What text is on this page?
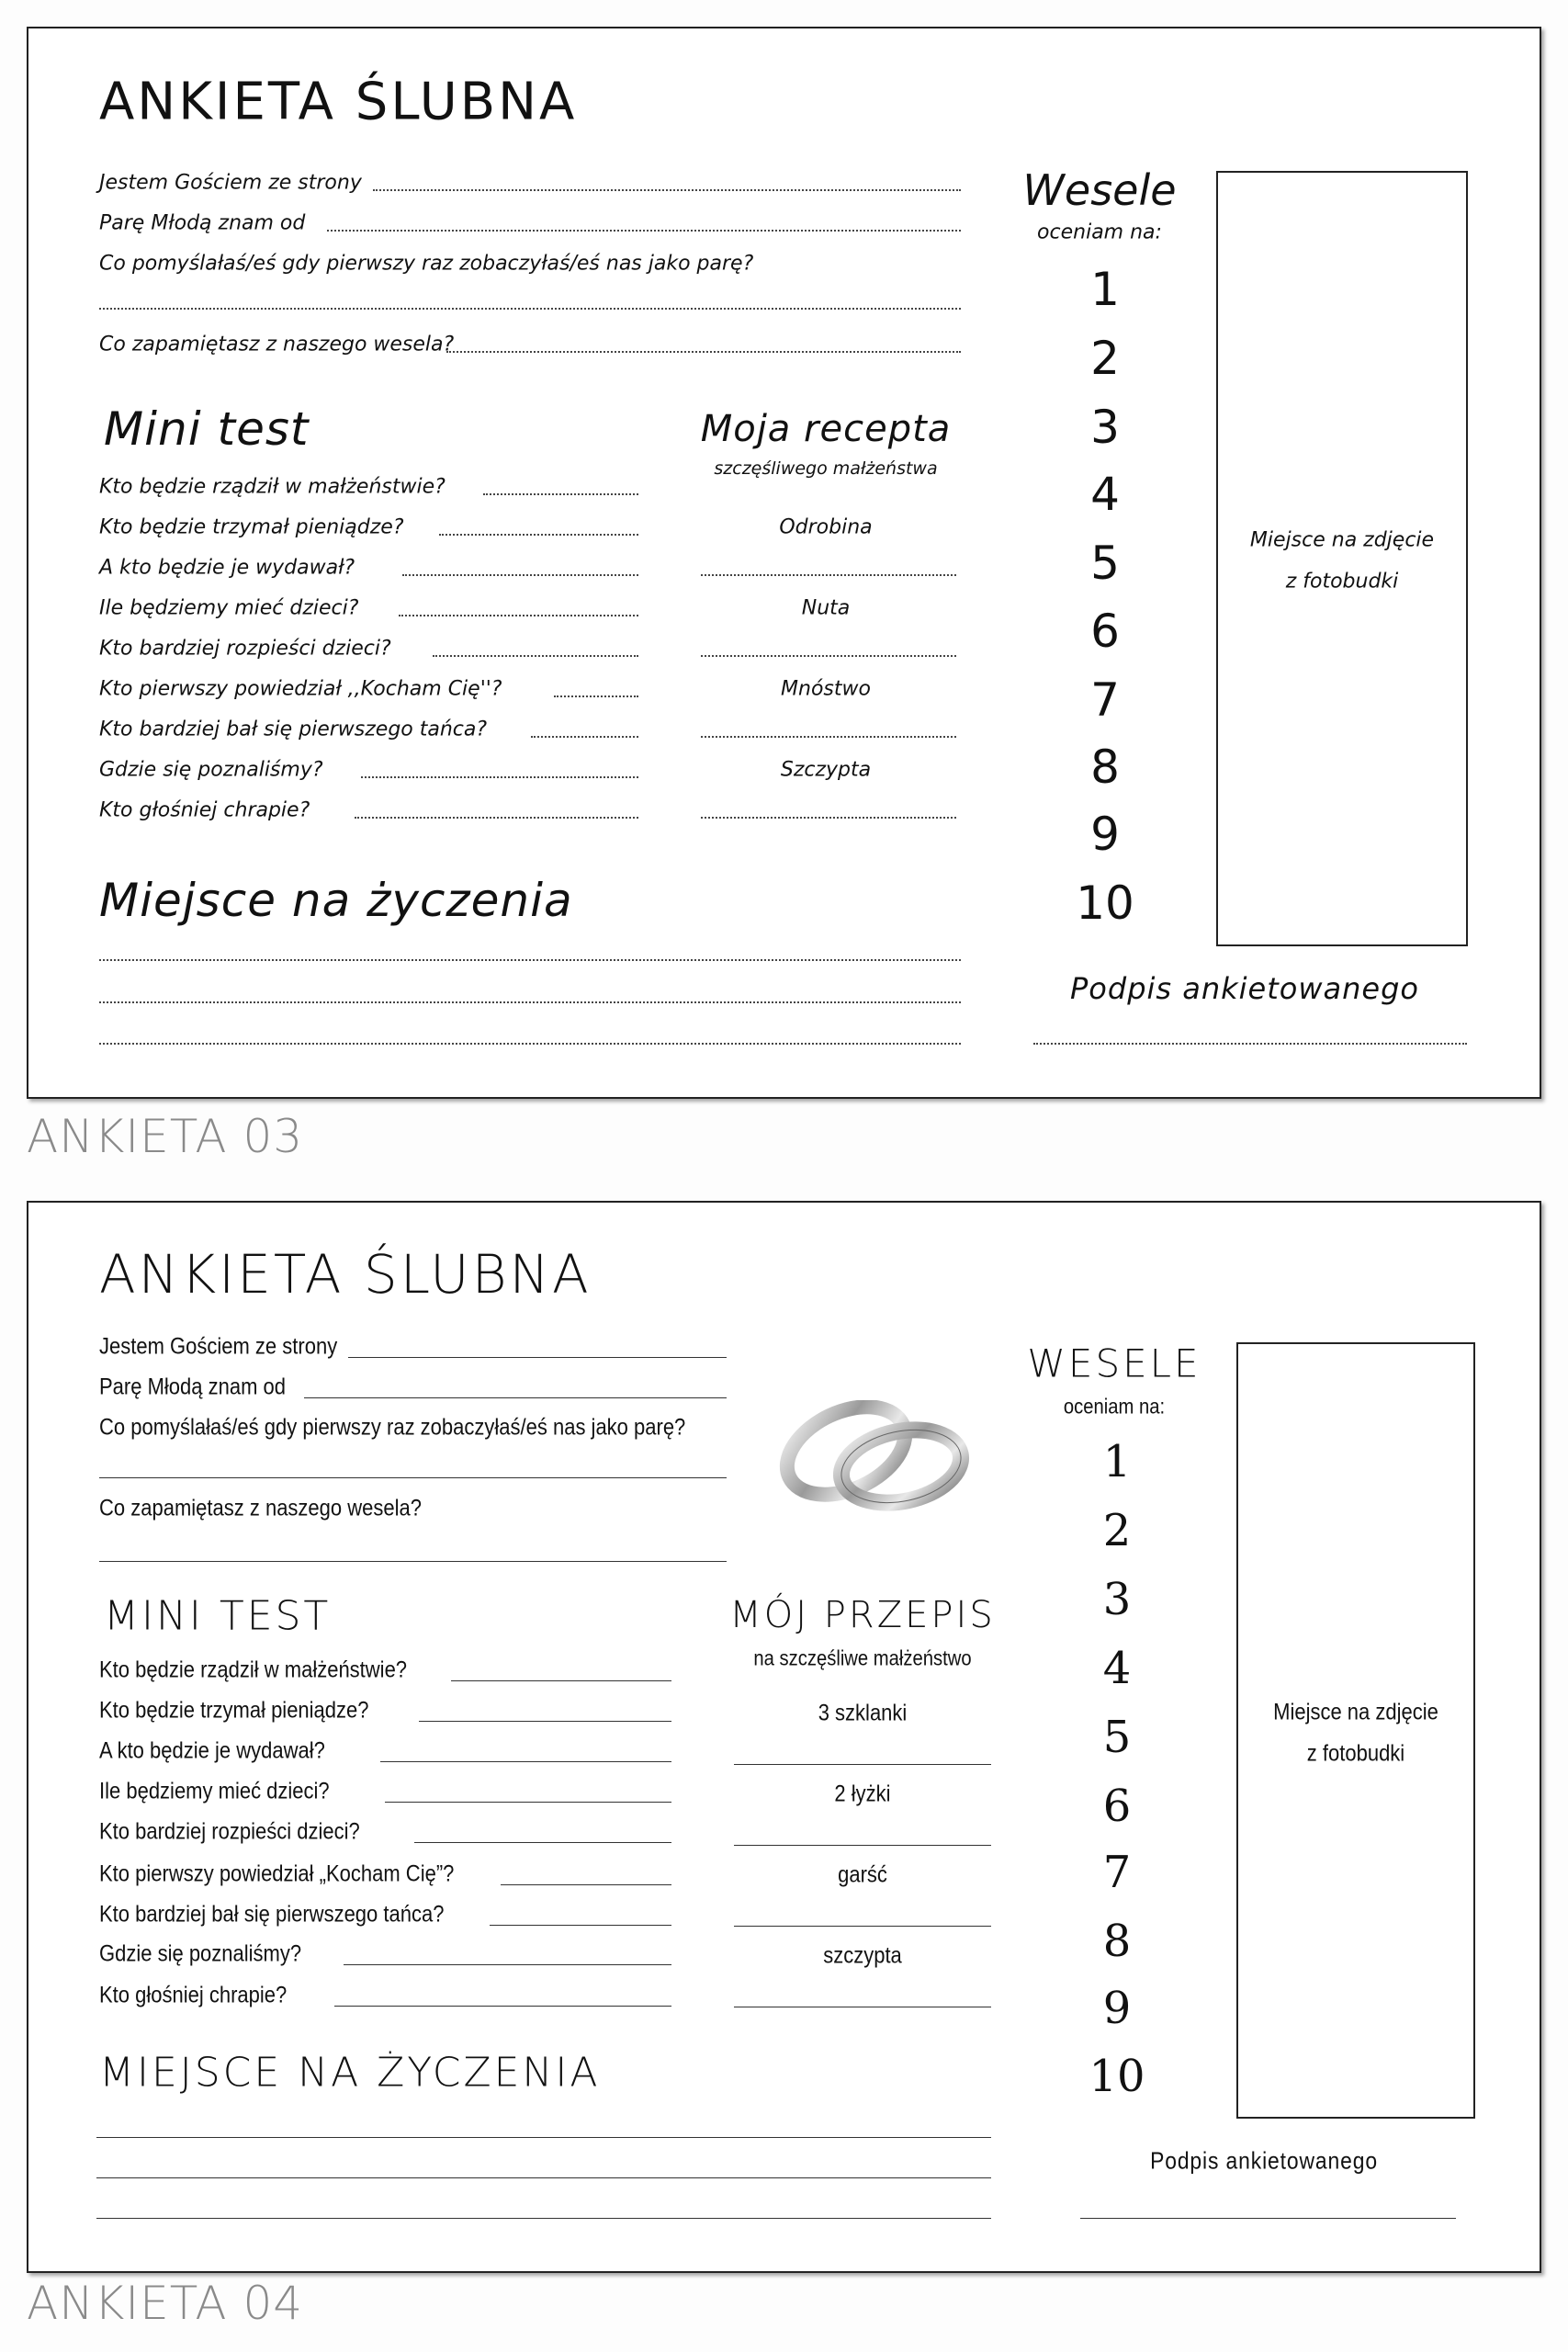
ANKIETA ŚLUBNA
Jestem Gościem ze strony
Parę Młodą znam od
Co pomyślałaś/eś gdy pierwszy raz zobaczyłaś/eś nas jako parę?
Co zapamiętasz z naszego wesela?
Mini test
Kto będzie rządził w małżeństwie?
Kto będzie trzymał pieniądze?
A kto będzie je wydawał?
Ile będziemy mieć dzieci?
Kto bardziej rozpieści dzieci?
Kto pierwszy powiedział ,,Kocham Cię''?
Kto bardziej bał się pierwszego tańca?
Gdzie się poznaliśmy?
Kto głośniej chrapie?
Moja recepta
szczęśliwego małżeństwa
Odrobina
Nuta
Mnóstwo
Szczypta
Miejsce na życzenia
Wesele
oceniam na:
1
2
3
4
5
6
7
8
9
10
Miejsce na zdjęcie
z fotobudki
Podpis ankietowanego
ANKIETA 03
ANKIETA ŚLUBNA
Jestem Gościem ze strony
Parę Młodą znam od
Co pomyślałaś/eś gdy pierwszy raz zobaczyłaś/eś nas jako parę?
Co zapamiętasz z naszego wesela?
MINI TEST
Kto będzie rządził w małżeństwie?
Kto będzie trzymał pieniądze?
A kto będzie je wydawał?
Ile będziemy mieć dzieci?
Kto bardziej rozpieści dzieci?
Kto pierwszy powiedział „Kocham Cię”?
Kto bardziej bał się pierwszego tańca?
Gdzie się poznaliśmy?
Kto głośniej chrapie?
MÓJ PRZEPIS
na szczęśliwe małżeństwo
3 szklanki
2 łyżki
garść
szczypta
MIEJSCE NA ŻYCZENIA
WESELE
oceniam na:
1
2
3
4
5
6
7
8
9
10
Miejsce na zdjęcie
z fotobudki
Podpis ankietowanego
ANKIETA 04
